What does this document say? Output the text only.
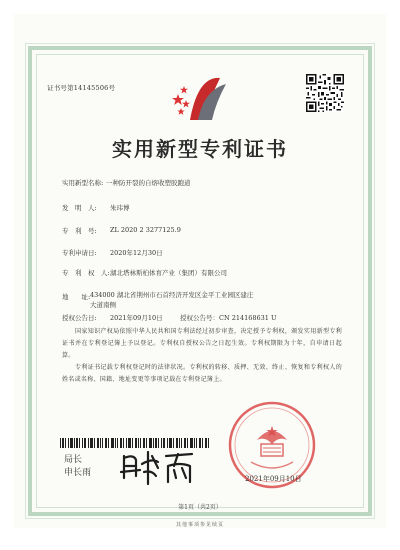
证书号第14145506号
实用新型专利证书
实用新型名称: 一种防开裂的自熔收塑胶跑道
发　明　人: 朱玮博
专　利　号: ZL 2020 2 3277125.9
专利申请日: 2020年12月30日
专　利　权　人: 湖北塔林斯柏体育产业（集团）有限公司
地　　址: 434000 湖北省荆州市石首经济开发区金平工业园区建庄
大道南侧
授权公告日: 2021年09月10日	授权公告号：CN 214168631 U
国家知识产权局依照中华人民共和国专利法经过初步审查，决定授予专利权，颁发实用新型专利证书并在专利登记簿上予以登记。专利权自授权公告之日起生效。专利权期限为十年，自申请日起算。
专利证书记载专利权登记时的法律状况。专利权的转移、质押、无效、终止、恢复和专利权人的姓名或名称、国籍、地址变更等事项记载在专利登记簿上。
局长
申长雨
2021年09月10日
第1页（共2页）
其他事项参见续页
